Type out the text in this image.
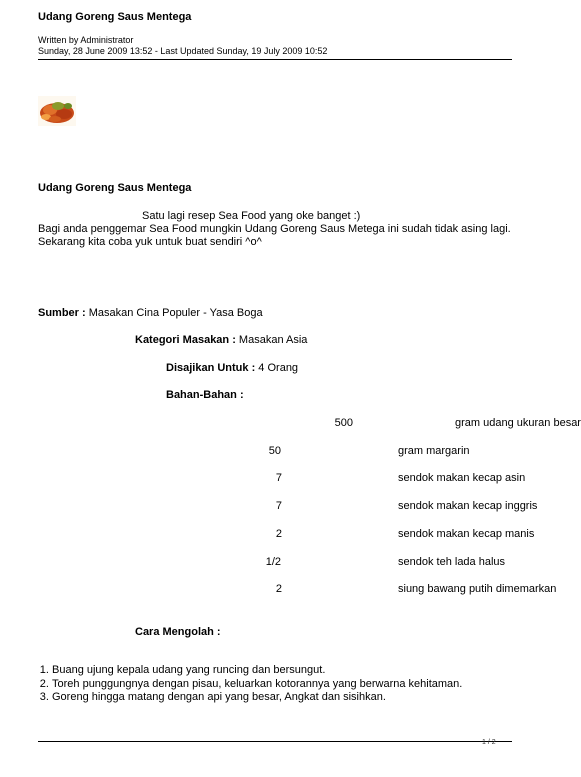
Udang Goreng Saus Mentega
Written by Administrator
Sunday, 28 June 2009 13:52 - Last Updated Sunday, 19 July 2009 10:52
Udang Goreng Saus Mentega

Satu lagi resep Sea Food yang oke banget :)

Bagi anda penggemar Sea Food mungkin Udang Goreng Saus Metega ini sudah tidak asing lagi.

Sekarang kita coba yuk untuk buat sendiri ^o^

Sumber : Masakan Cina Populer - Yasa Boga
Kategori Masakan : Masakan Asia
Disajikan Untuk : 4 Orang
Bahan-Bahan :
500	gram udang ukuran besar
50	gram margarin
7	sendok makan kecap asin
7	sendok makan kecap inggris
2	sendok makan kecap manis
1/2	sendok teh lada halus
2	siung bawang putih dimemarkan
Cara Mengolah :
1. Buang ujung kepala udang yang runcing dan bersungut.
2. Toreh punggungnya dengan pisau, keluarkan kotorannya yang berwarna kehitaman.
3. Goreng hingga matang dengan api yang besar, Angkat dan sisihkan.
1 / 2
